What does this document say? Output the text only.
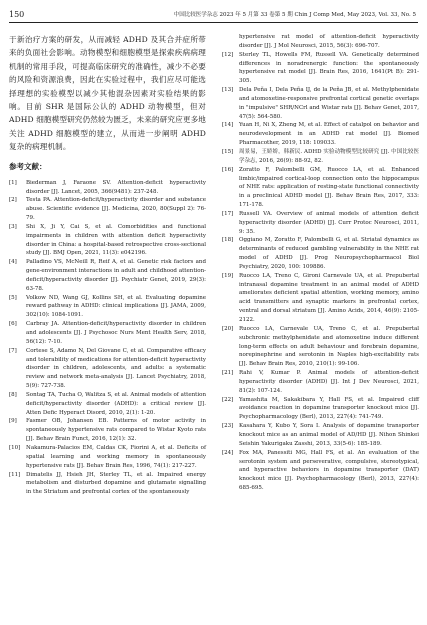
150	中国比较医学杂志 2023 年 5 月第 33 卷第 5 期 Chin J Comp Med, May 2023, Vol. 33, No. 5

于新治疗方案的研发，从而减轻 ADHD 及其合并症所带来的负面社会影响。动物模型和细胞模型是探索疾病病理机制的常用手段，可提高临床研究的准确性，减少不必要的风险和资源浪费，因此在实验过程中，我们应尽可能选择理想的实验模型以减少其他混杂因素对实验结果的影响。目前 SHR 是国际公认的 ADHD 动物模型，但对 ADHD 细胞模型研究仍然较为匮乏，未来的研究应更多地关注 ADHD 细胞模型的建立，从而进一步阐明 ADHD 复杂的病理机制。

参考文献：
[1]	Biederman J, Faraone SV. Attention-deficit hyperactivity disorder [J]. Lancet, 2005, 366(9481): 237-248.
[2]	Testa PA. Attention-deficit/hyperactivity disorder and substance abuse. Scientific evidence [J]. Medicina, 2020, 80(Suppl 2): 76-79.
[3]	Shi X, Ji Y, Cai S, et al. Comorbidities and functional impairments in children with attention deficit hyperactivity disorder in China: a hospital-based retrospective cross-sectional study [J]. BMJ Open, 2021, 11(3): e042196.
[4]	Palladino VS, McNeill R, Reif A, et al. Genetic risk factors and gene-environment interactions in adult and childhood attention-deficit/hyperactivity disorder [J]. Psychiatr Genet, 2019, 29(3): 63-78.
[5]	Volkow ND, Wang GJ, Kollins SH, et al. Evaluating dopamine reward pathway in ADHD: clinical implications [J]. JAMA, 2009, 302(10): 1084-1091.
[6]	Carbray JA. Attention-deficit/hyperactivity disorder in children and adolescents [J]. J Psychosoc Nurs Ment Health Serv, 2018, 56(12): 7-10.
[7]	Cortese S, Adamo N, Del Giovane C, et al. Comparative efficacy and tolerability of medications for attention-deficit hyperactivity disorder in children, adolescents, and adults: a systematic review and network meta-analysis [J]. Lancet Psychiatry, 2018, 5(9): 727-738.
[8]	Sontag TA, Tucha O, Walitza S, et al. Animal models of attention deficit/hyperactivity disorder (ADHD): a critical review [J]. Atten Defic Hyperact Disord, 2010, 2(1): 1-20.
[9]	Fasmer OB, Johansen EB. Patterns of motor activity in spontaneously hypertensive rats compared to Wistar Kyoto rats [J]. Behav Brain Funct, 2016, 12(1): 32.
[10]	Nakamura-Palacios EM, Caldas CK, Fiorini A, et al. Deficits of spatial learning and working memory in spontaneously hypertensive rats [J]. Behav Brain Res, 1996, 74(1): 217-227.
[11]	Dimatelis JJ, Hsieh JH, Sterley TL, et al. Impaired energy metabolism and disturbed dopamine and glutamate signalling in the Striatum and prefrontal cortex of the spontaneously
hypertensive rat model of attention-deficit hyperactivity disorder [J]. J Mol Neurosci, 2015, 56(3): 696-707.
[12]	Sterley TL, Howells FM, Russell VA. Genetically determined differences in noradrenergic function: the spontaneously hypertensive rat model [J]. Brain Res, 2016, 1641(Pt B): 291-305.
[13]	Dela Peña I, Dela Peña IJ, de la Peña JB, et al. Methylphenidate and atomoxetine-responsive prefrontal cortical genetic overlaps in "impulsive" SHR/NCrl and Wistar rats [J]. Behav Genet, 2017, 47(5): 564-580.
[14]	Yuan H, Ni X, Zheng M, et al. Effect of catalpol on behavior and neurodevelopment in an ADHD rat model [J]. Biomed Pharmacother, 2019, 118: 109033.
[15]	周景易，王娇娇，韩新民. ADHD 实验动物模型比较研究 [J]. 中国比较医学杂志, 2016, 26(9): 88-92, 82.
[16]	Zoratto F, Palombelli GM, Ruocco LA, et al. Enhanced limbic/impaired cortical-loop connection onto the hippocampus of NHE rats: application of resting-state functional connectivity in a preclinical ADHD model [J]. Behav Brain Res, 2017, 333: 171-178.
[17]	Russell VA. Overview of animal models of attention deficit hyperactivity disorder (ADHD) [J]. Curr Protoc Neurosci, 2011, 9: 35.
[18]	Oggiano M, Zoratto F, Palombelli G, et al. Striatal dynamics as determinants of reduced gambling vulnerability in the NHE rat model of ADHD [J]. Prog Neuropsychopharmacol Biol Psychiatry, 2020, 100: 109886.
[19]	Ruocco LA, Treno C, Gironi Carnevale UA, et al. Prepubertal intranasal dopamine treatment in an animal model of ADHD ameliorates deficient spatial attention, working memory, amino acid transmitters and synaptic markers in prefrontal cortex, ventral and dorsal striatum [J]. Amino Acids, 2014, 46(9): 2105-2122.
[20]	Ruocco LA, Carnevale UA, Treno C, et al. Prepubertal subchronic methylphenidate and atomoxetine induce different long-term effects on adult behaviour and forebrain dopamine, norepinephrine and serotonin in Naples high-excitability rats [J]. Behav Brain Res, 2010, 210(1): 99-106.
[21]	Rahi V, Kumar P. Animal models of attention-deficit hyperactivity disorder (ADHD) [J]. Int J Dev Neurosci, 2021, 81(2): 107-124.
[22]	Yamashita M, Sakakibara Y, Hall FS, et al. Impaired cliff avoidance reaction in dopamine transporter knockout mice [J]. Psychopharmacology (Berl), 2013, 227(4): 741-749.
[23]	Kasahara Y, Kubo Y, Sora I. Analysis of dopamine transporter knockout mice as an animal model of AD/HD [J]. Nihon Shinkei Seishin Yakurigaku Zasshi, 2013, 33(5-6): 185-189.
[24]	Fox MA, Panessiti MG, Hall FS, et al. An evaluation of the serotonin system and perseverative, compulsive, stereotypical, and hyperactive behaviors in dopamine transporter (DAT) knockout mice [J]. Psychopharmacology (Berl), 2013, 227(4): 685-695.
